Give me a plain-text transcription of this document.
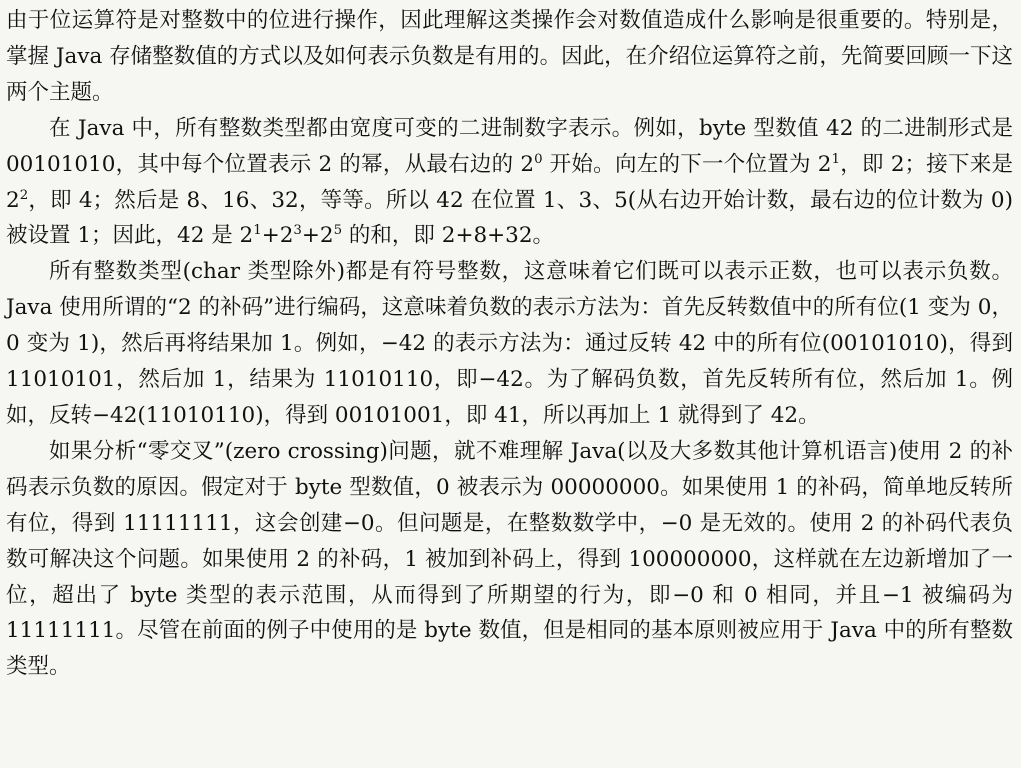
由于位运算符是对整数中的位进行操作，因此理解这类操作会对数值造成什么影响是很重要的。特别是，掌握 Java 存储整数值的方式以及如何表示负数是有用的。因此，在介绍位运算符之前，先简要回顾一下这两个主题。

在 Java 中，所有整数类型都由宽度可变的二进制数字表示。例如，byte 型数值 42 的二进制形式是 00101010，其中每个位置表示 2 的幂，从最右边的 $2^0$ 开始。向左的下一个位置为 $2^1$，即 2；接下来是 $2^2$，即 4；然后是 8、16、32，等等。所以 42 在位置 1、3、5(从右边开始计数，最右边的位计数为 0)被设置 1；因此，42 是 $2^1+2^3+2^5$ 的和，即 2+8+32。

所有整数类型(char 类型除外)都是有符号整数，这意味着它们既可以表示正数，也可以表示负数。Java 使用所谓的“2 的补码”进行编码，这意味着负数的表示方法为：首先反转数值中的所有位(1 变为 0，0 变为 1)，然后再将结果加 1。例如，−42 的表示方法为：通过反转 42 中的所有位(00101010)，得到 11010101，然后加 1，结果为 11010110，即−42。为了解码负数，首先反转所有位，然后加 1。例如，反转−42(11010110)，得到 00101001，即 41，所以再加上 1 就得到了 42。

如果分析“零交叉”(zero crossing)问题，就不难理解 Java(以及大多数其他计算机语言)使用 2 的补码表示负数的原因。假定对于 byte 型数值，0 被表示为 00000000。如果使用 1 的补码，简单地反转所有位，得到 11111111，这会创建−0。但问题是，在整数数学中，−0 是无效的。使用 2 的补码代表负数可解决这个问题。如果使用 2 的补码，1 被加到补码上，得到 100000000，这样就在左边新增加了一位，超出了 byte 类型的表示范围，从而得到了所期望的行为，即−0 和 0 相同，并且−1 被编码为 11111111。尽管在前面的例子中使用的是 byte 数值，但是相同的基本原则被应用于 Java 中的所有整数类型。
